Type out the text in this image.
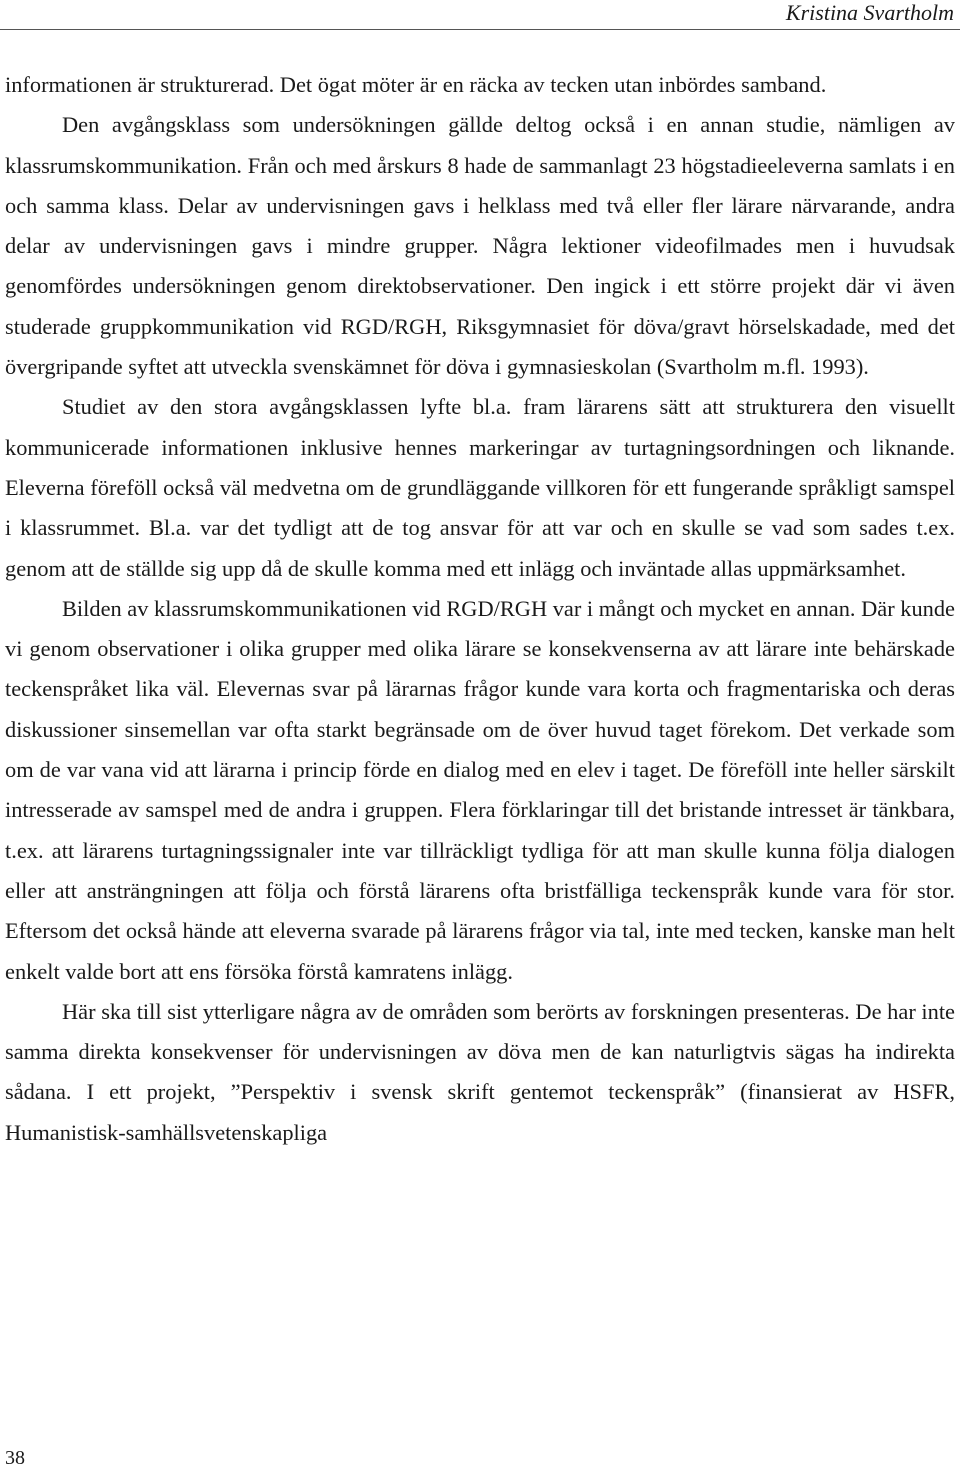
Kristina Svartholm

informationen är strukturerad. Det ögat möter är en räcka av tecken utan inbördes samband.

Den avgångsklass som undersökningen gällde deltog också i en annan studie, nämligen av klassrumskommunikation. Från och med årskurs 8 hade de sammanlagt 23 högstadieeleverna samlats i en och samma klass. Delar av undervisningen gavs i helklass med två eller fler lärare närvarande, andra delar av undervisningen gavs i mindre grupper. Några lektioner videofilmades men i huvudsak genomfördes undersökningen genom direktobservationer. Den ingick i ett större projekt där vi även studerade gruppkommunikation vid RGD/RGH, Riksgymnasiet för döva/gravt hörselskadade, med det övergripande syftet att utveckla svenskämnet för döva i gymnasieskolan (Svartholm m.fl. 1993).

Studiet av den stora avgångsklassen lyfte bl.a. fram lärarens sätt att strukturera den visuellt kommunicerade informationen inklusive hennes markeringar av turtagningsordningen och liknande. Eleverna föreföll också väl medvetna om de grundläggande villkoren för ett fungerande språkligt samspel i klassrummet. Bl.a. var det tydligt att de tog ansvar för att var och en skulle se vad som sades t.ex. genom att de ställde sig upp då de skulle komma med ett inlägg och inväntade allas uppmärksamhet.

Bilden av klassrumskommunikationen vid RGD/RGH var i mångt och mycket en annan. Där kunde vi genom observationer i olika grupper med olika lärare se konsekvenserna av att lärare inte behärskade teckenspråket lika väl. Elevernas svar på lärarnas frågor kunde vara korta och fragmentariska och deras diskussioner sinsemellan var ofta starkt begränsade om de över huvud taget förekom. Det verkade som om de var vana vid att lärarna i princip förde en dialog med en elev i taget. De föreföll inte heller särskilt intresserade av samspel med de andra i gruppen. Flera förklaringar till det bristande intresset är tänkbara, t.ex. att lärarens turtagningssignaler inte var tillräckligt tydliga för att man skulle kunna följa dialogen eller att ansträngningen att följa och förstå lärarens ofta bristfälliga teckenspråk kunde vara för stor. Eftersom det också hände att eleverna svarade på lärarens frågor via tal, inte med tecken, kanske man helt enkelt valde bort att ens försöka förstå kamratens inlägg.

Här ska till sist ytterligare några av de områden som berörts av forskningen presenteras. De har inte samma direkta konsekvenser för undervisningen av döva men de kan naturligtvis sägas ha indirekta sådana. I ett projekt, ”Perspektiv i svensk skrift gentemot teckenspråk” (finansierat av HSFR, Humanistisk-samhällsvetenskapliga

38
